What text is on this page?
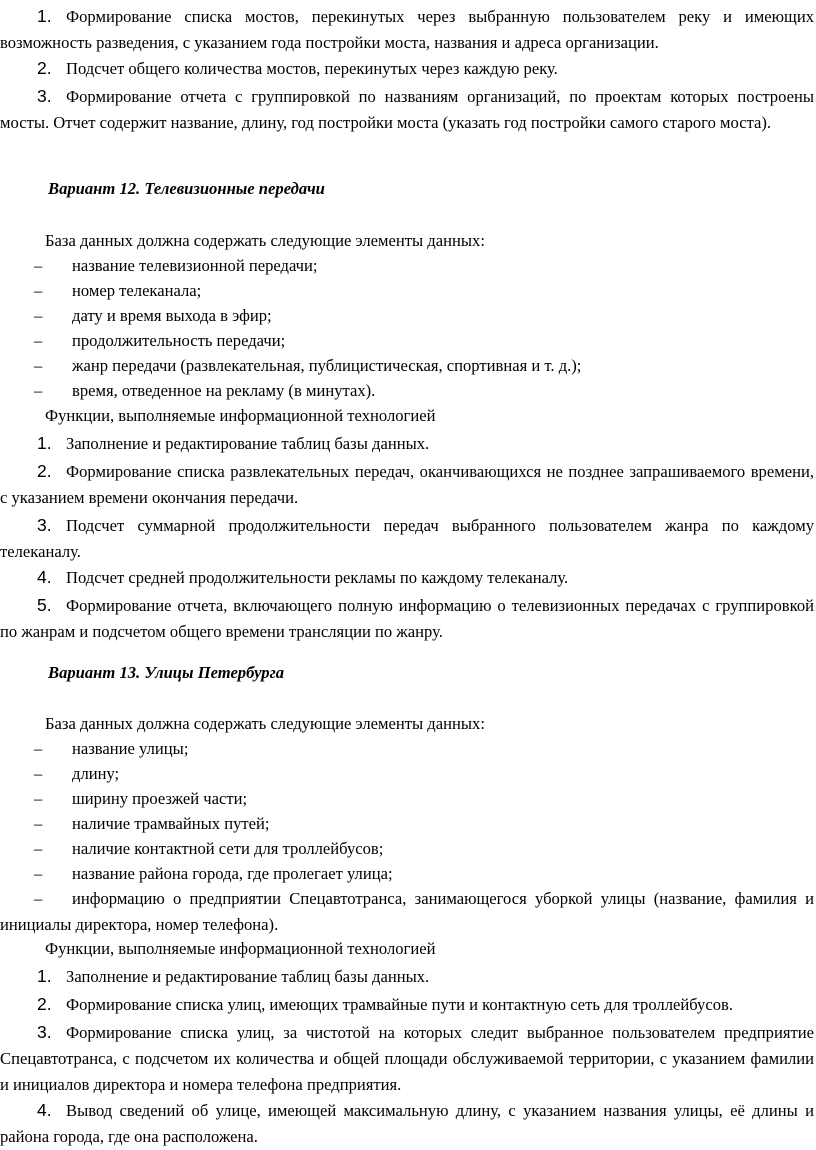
1. Формирование списка мостов, перекинутых через выбранную пользователем реку и имеющих возможность разведения, с указанием года постройки моста, названия и адреса организации.

2. Подсчет общего количества мостов, перекинутых через каждую реку.

3. Формирование отчета с группировкой по названиям организаций, по проектам которых построены мосты. Отчет содержит название, длину, год постройки моста (указать год постройки самого старого моста).

Вариант 12. Телевизионные передачи

База данных должна содержать следующие элементы данных:

– название телевизионной передачи;

– номер телеканала;

– дату и время выхода в эфир;

– продолжительность передачи;

– жанр передачи (развлекательная, публицистическая, спортивная и т. д.);

– время, отведенное на рекламу (в минутах).

Функции, выполняемые информационной технологией

1. Заполнение и редактирование таблиц базы данных.

2. Формирование списка развлекательных передач, оканчивающихся не позднее запрашиваемого времени, с указанием времени окончания передачи.

3. Подсчет суммарной продолжительности передач выбранного пользователем жанра по каждому телеканалу.

4. Подсчет средней продолжительности рекламы по каждому телеканалу.

5. Формирование отчета, включающего полную информацию о телевизионных передачах с группировкой по жанрам и подсчетом общего времени трансляции по жанру.

Вариант 13. Улицы Петербурга

База данных должна содержать следующие элементы данных:

– название улицы;

– длину;

– ширину проезжей части;

– наличие трамвайных путей;

– наличие контактной сети для троллейбусов;

– название района города, где пролегает улица;

– информацию о предприятии Спецавтотранса, занимающегося уборкой улицы (название, фамилия и инициалы директора, номер телефона).

Функции, выполняемые информационной технологией

1. Заполнение и редактирование таблиц базы данных.

2. Формирование списка улиц, имеющих трамвайные пути и контактную сеть для троллейбусов.

3. Формирование списка улиц, за чистотой на которых следит выбранное пользователем предприятие Спецавтотранса, с подсчетом их количества и общей площади обслуживаемой территории, с указанием фамилии и инициалов директора и номера телефона предприятия.

4. Вывод сведений об улице, имеющей максимальную длину, с указанием названия улицы, её длины и района города, где она расположена.
